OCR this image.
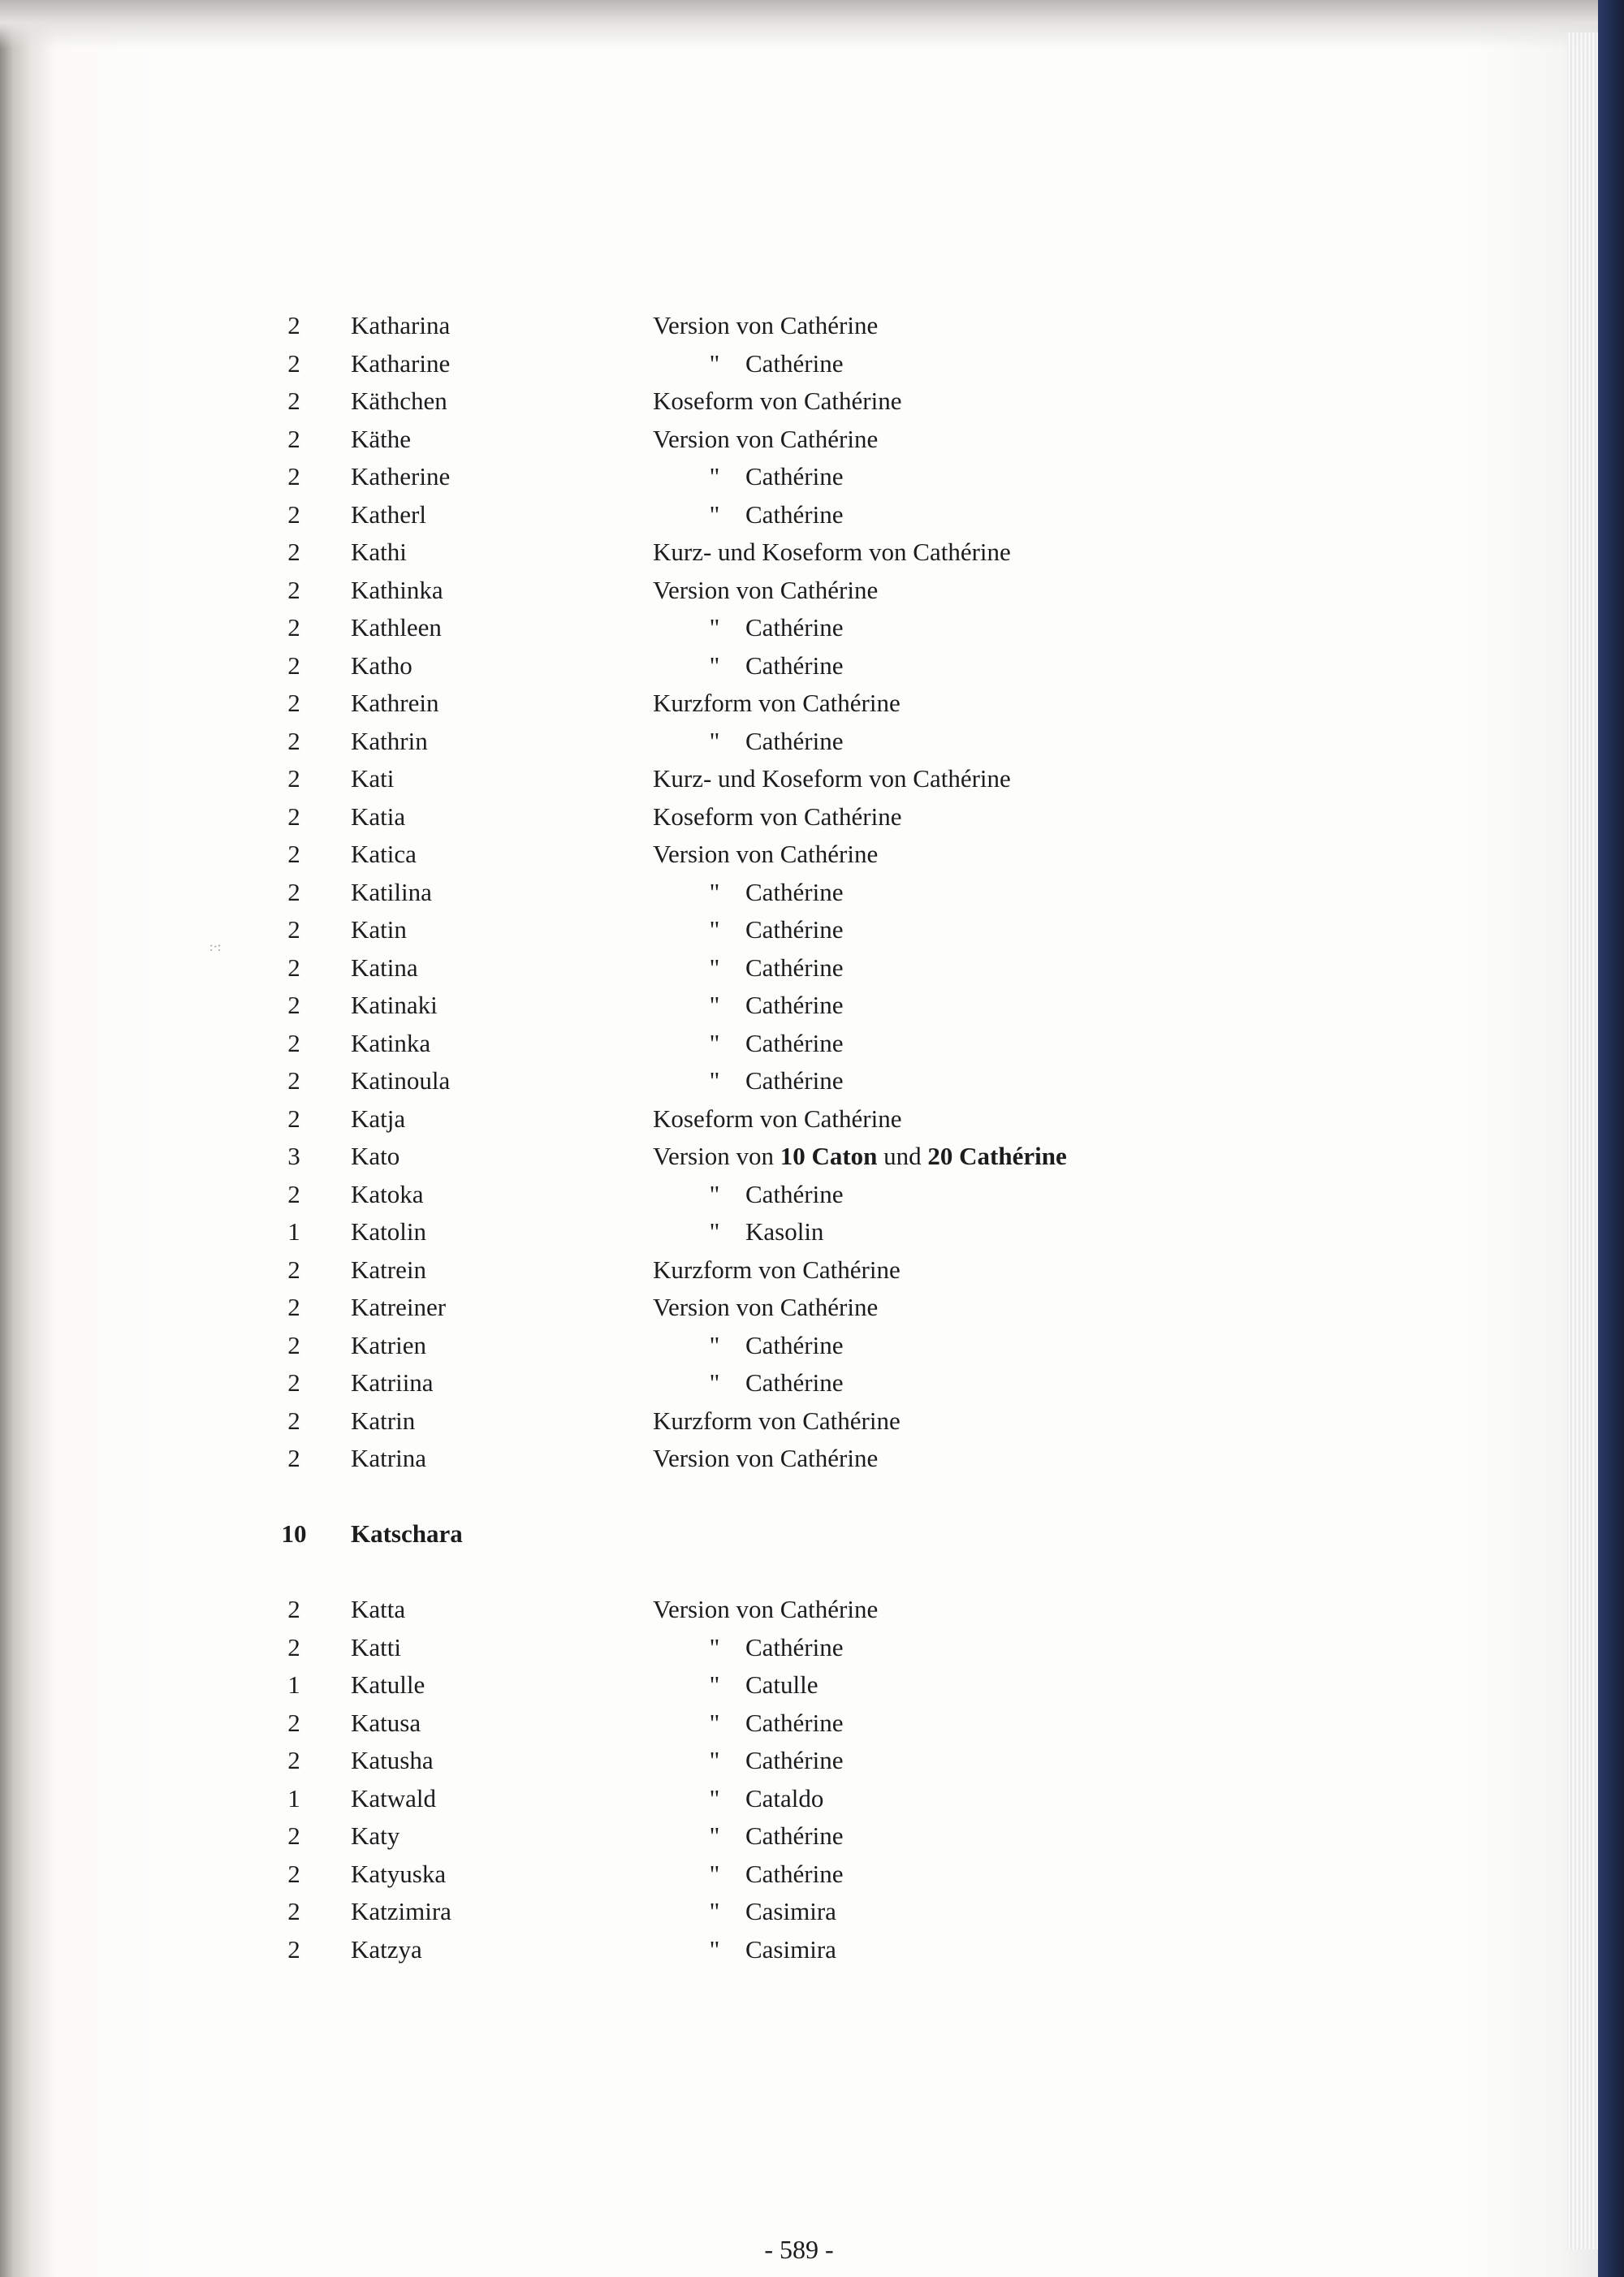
:·:
2	Katharina	Version von Cathérine
2	Katharine	" Cathérine
2	Käthchen	Koseform von Cathérine
2	Käthe	Version von Cathérine
2	Katherine	" Cathérine
2	Katherl	" Cathérine
2	Kathi	Kurz- und Koseform von Cathérine
2	Kathinka	Version von Cathérine
2	Kathleen	" Cathérine
2	Katho	" Cathérine
2	Kathrein	Kurzform von Cathérine
2	Kathrin	" Cathérine
2	Kati	Kurz- und Koseform von Cathérine
2	Katia	Koseform von Cathérine
2	Katica	Version von Cathérine
2	Katilina	" Cathérine
2	Katin	" Cathérine
2	Katina	" Cathérine
2	Katinaki	" Cathérine
2	Katinka	" Cathérine
2	Katinoula	" Cathérine
2	Katja	Koseform von Cathérine
3	Kato	Version von 10 Caton und 20 Cathérine
2	Katoka	" Cathérine
1	Katolin	" Kasolin
2	Katrein	Kurzform von Cathérine
2	Katreiner	Version von Cathérine
2	Katrien	" Cathérine
2	Katriina	" Cathérine
2	Katrin	Kurzform von Cathérine
2	Katrina	Version von Cathérine
10	Katschara
2	Katta	Version von Cathérine
2	Katti	" Cathérine
1	Katulle	" Catulle
2	Katusa	" Cathérine
2	Katusha	" Cathérine
1	Katwald	" Cataldo
2	Katy	" Cathérine
2	Katyuska	" Cathérine
2	Katzimira	" Casimira
2	Katzya	" Casimira
- 589 -
